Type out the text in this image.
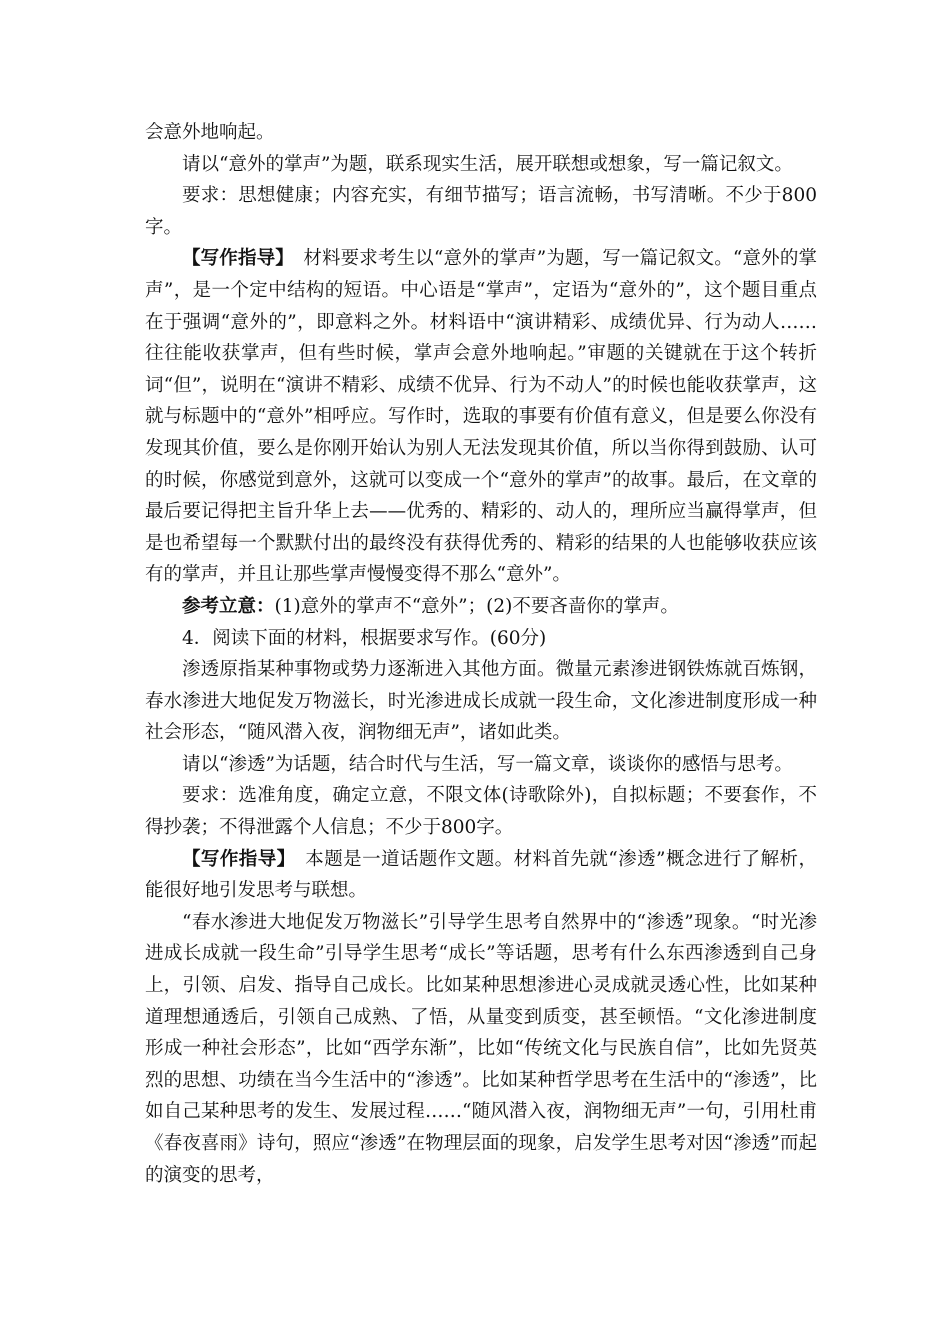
会意外地响起。

请以“意外的掌声”为题，联系现实生活，展开联想或想象，写一篇记叙文。

要求：思想健康；内容充实，有细节描写；语言流畅，书写清晰。不少于800字。

【写作指导】　材料要求考生以“意外的掌声”为题，写一篇记叙文。“意外的掌声”，是一个定中结构的短语。中心语是“掌声”，定语为“意外的”，这个题目重点在于强调“意外的”，即意料之外。材料语中“演讲精彩、成绩优异、行为动人……往往能收获掌声，但有些时候，掌声会意外地响起。”审题的关键就在于这个转折词“但”，说明在“演讲不精彩、成绩不优异、行为不动人”的时候也能收获掌声，这就与标题中的“意外”相呼应。写作时，选取的事要有价值有意义，但是要么你没有发现其价值，要么是你刚开始认为别人无法发现其价值，所以当你得到鼓励、认可的时候，你感觉到意外，这就可以变成一个“意外的掌声”的故事。最后，在文章的最后要记得把主旨升华上去——优秀的、精彩的、动人的，理所应当赢得掌声，但是也希望每一个默默付出的最终没有获得优秀的、精彩的结果的人也能够收获应该有的掌声，并且让那些掌声慢慢变得不那么“意外”。

参考立意：(1)意外的掌声不“意外”；(2)不要吝啬你的掌声。

4．阅读下面的材料，根据要求写作。(60分)

渗透原指某种事物或势力逐渐进入其他方面。微量元素渗进钢铁炼就百炼钢，春水渗进大地促发万物滋长，时光渗进成长成就一段生命，文化渗进制度形成一种社会形态，“随风潜入夜，润物细无声”，诸如此类。

请以“渗透”为话题，结合时代与生活，写一篇文章，谈谈你的感悟与思考。

要求：选准角度，确定立意，不限文体(诗歌除外)，自拟标题；不要套作，不得抄袭；不得泄露个人信息；不少于800字。

【写作指导】　本题是一道话题作文题。材料首先就“渗透”概念进行了解析，能很好地引发思考与联想。

“春水渗进大地促发万物滋长”引导学生思考自然界中的“渗透”现象。“时光渗进成长成就一段生命”引导学生思考“成长”等话题，思考有什么东西渗透到自己身上，引领、启发、指导自己成长。比如某种思想渗进心灵成就灵透心性，比如某种道理想通透后，引领自己成熟、了悟，从量变到质变，甚至顿悟。“文化渗进制度形成一种社会形态”，比如“西学东渐”，比如“传统文化与民族自信”，比如先贤英烈的思想、功绩在当今生活中的“渗透”。比如某种哲学思考在生活中的“渗透”，比如自己某种思考的发生、发展过程……“随风潜入夜，润物细无声”一句，引用杜甫《春夜喜雨》诗句，照应“渗透”在物理层面的现象，启发学生思考对因“渗透”而起的演变的思考，
